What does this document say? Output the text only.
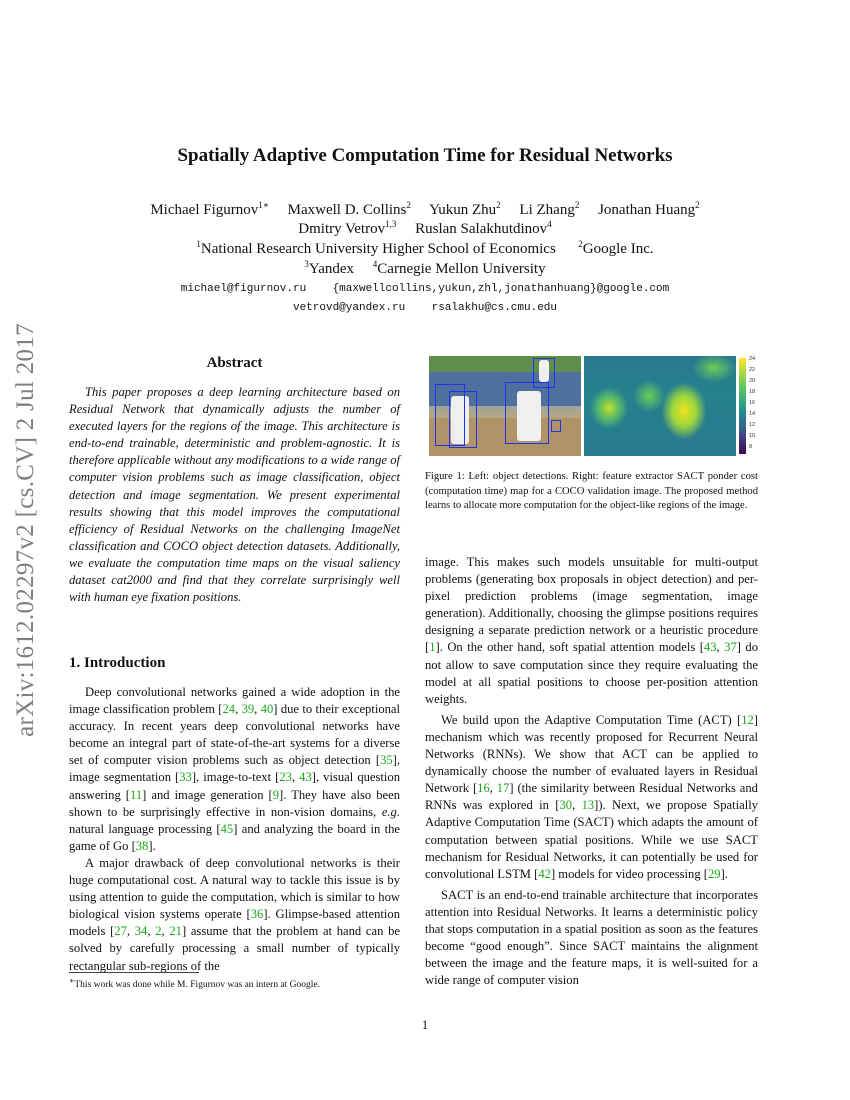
arXiv:1612.02297v2 [cs.CV] 2 Jul 2017
Spatially Adaptive Computation Time for Residual Networks
Michael Figurnov$^{1∗}$ Maxwell D. Collins$^2$ Yukun Zhu$^2$ Li Zhang$^2$ Jonathan Huang$^2$
Dmitry Vetrov$^{1,3}$ Ruslan Salakhutdinov$^4$
$^1$National Research University Higher School of Economics	$^2$Google Inc.
$^3$Yandex $^4$Carnegie Mellon University
michael@figurnov.ru {maxwellcollins,yukun,zhl,jonathanhuang}@google.com
vetrovd@yandex.ru rsalakhu@cs.cmu.edu
Abstract

This paper proposes a deep learning architecture based on Residual Network that dynamically adjusts the number of executed layers for the regions of the image. This architecture is end-to-end trainable, deterministic and problem-agnostic. It is therefore applicable without any modifications to a wide range of computer vision problems such as image classification, object detection and image segmentation. We present experimental results showing that this model improves the computational efficiency of Residual Networks on the challenging ImageNet classification and COCO object detection datasets. Additionally, we evaluate the computation time maps on the visual saliency dataset cat2000 and find that they correlate surprisingly well with human eye fixation positions.

1. Introduction

Deep convolutional networks gained a wide adoption in the image classification problem [24, 39, 40] due to their exceptional accuracy. In recent years deep convolutional networks have become an integral part of state-of-the-art systems for a diverse set of computer vision problems such as object detection [35], image segmentation [33], image-to-text [23, 43], visual question answering [11] and image generation [9]. They have also been shown to be surprisingly effective in non-vision domains, e.g. natural language processing [45] and analyzing the board in the game of Go [38].

A major drawback of deep convolutional networks is their huge computational cost. A natural way to tackle this issue is by using attention to guide the computation, which is similar to how biological vision systems operate [36]. Glimpse-based attention models [27, 34, 2, 21] assume that the problem at hand can be solved by carefully processing a small number of typically rectangular sub-regions of the

24
22
20
18
16
14
12
10
8

Figure 1: Left: object detections. Right: feature extractor SACT ponder cost (computation time) map for a COCO validation image. The proposed method learns to allocate more computation for the object-like regions of the image.

image. This makes such models unsuitable for multi-output problems (generating box proposals in object detection) and per-pixel prediction problems (image segmentation, image generation). Additionally, choosing the glimpse positions requires designing a separate prediction network or a heuristic procedure [1]. On the other hand, soft spatial attention models [43, 37] do not allow to save computation since they require evaluating the model at all spatial positions to choose per-position attention weights.

We build upon the Adaptive Computation Time (ACT) [12] mechanism which was recently proposed for Recurrent Neural Networks (RNNs). We show that ACT can be applied to dynamically choose the number of evaluated layers in Residual Network [16, 17] (the similarity between Residual Networks and RNNs was explored in [30, 13]). Next, we propose Spatially Adaptive Computation Time (SACT) which adapts the amount of computation between spatial positions. While we use SACT mechanism for Residual Networks, it can potentially be used for convolutional LSTM [42] models for video processing [29].

SACT is an end-to-end trainable architecture that incorporates attention into Residual Networks. It learns a deterministic policy that stops computation in a spatial position as soon as the features become “good enough”. Since SACT maintains the alignment between the image and the feature maps, it is well-suited for a wide range of computer vision

∗This work was done while M. Figurnov was an intern at Google.
1
